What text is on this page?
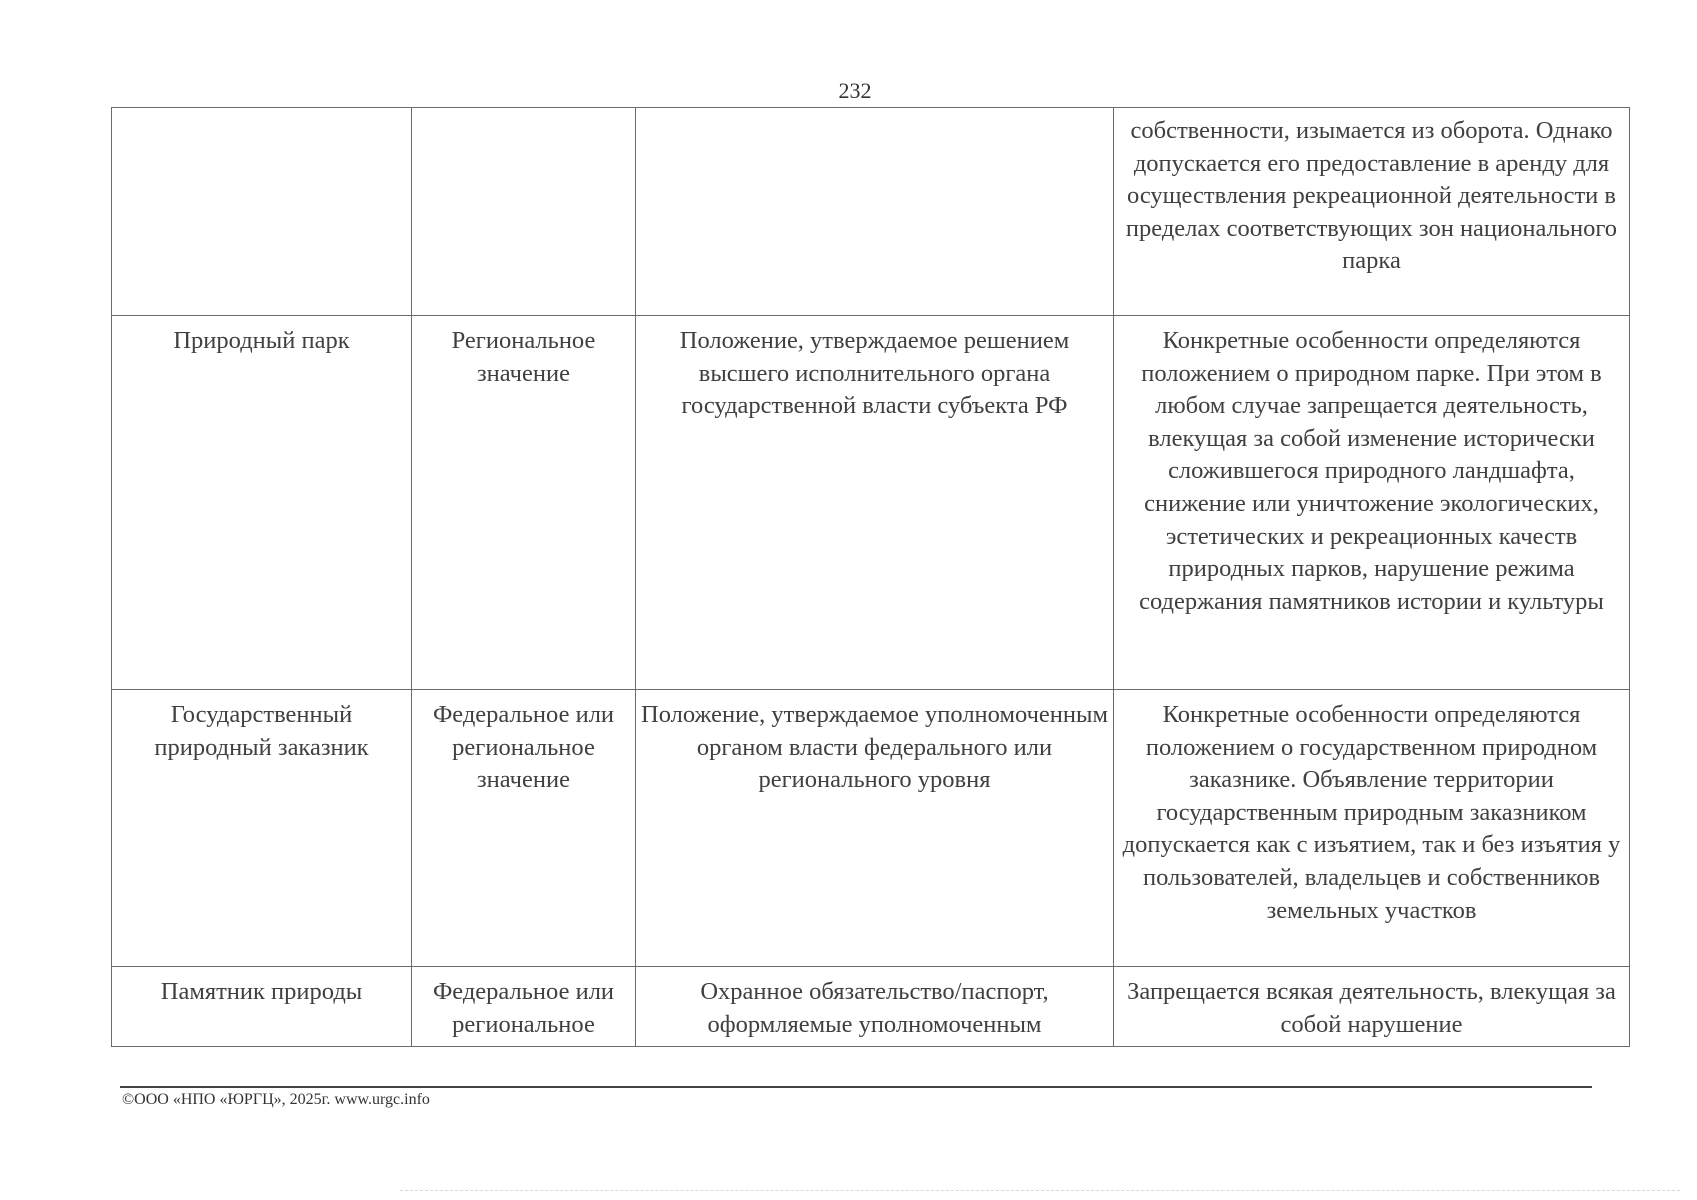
232
			собственности, изымается из оборота. Однако допускается его предоставление в аренду для осуществления рекреационной деятельности в пределах соответствующих зон национального парка
Природный парк	Региональное значение	Положение, утверждаемое решением высшего исполнительного органа государственной власти субъекта РФ	Конкретные особенности определяются положением о природном парке. При этом в любом случае запрещается деятельность, влекущая за собой изменение исторически сложившегося природного ландшафта, снижение или уничтожение экологических, эстетических и рекреационных качеств природных парков, нарушение режима содержания памятников истории и культуры
Государственный природный заказник	Федеральное или региональное значение	Положение, утверждаемое уполномоченным органом власти федерального или регионального уровня	Конкретные особенности определяются положением о государственном природном заказнике. Объявление территории государственным природным заказником допускается как с изъятием, так и без изъятия у пользователей, владельцев и собственников земельных участков
Памятник природы	Федеральное или региональное	Охранное обязательство/паспорт, оформляемые уполномоченным	Запрещается всякая деятельность, влекущая за собой нарушение
©ООО «НПО «ЮРГЦ», 2025г. www.urgc.info
